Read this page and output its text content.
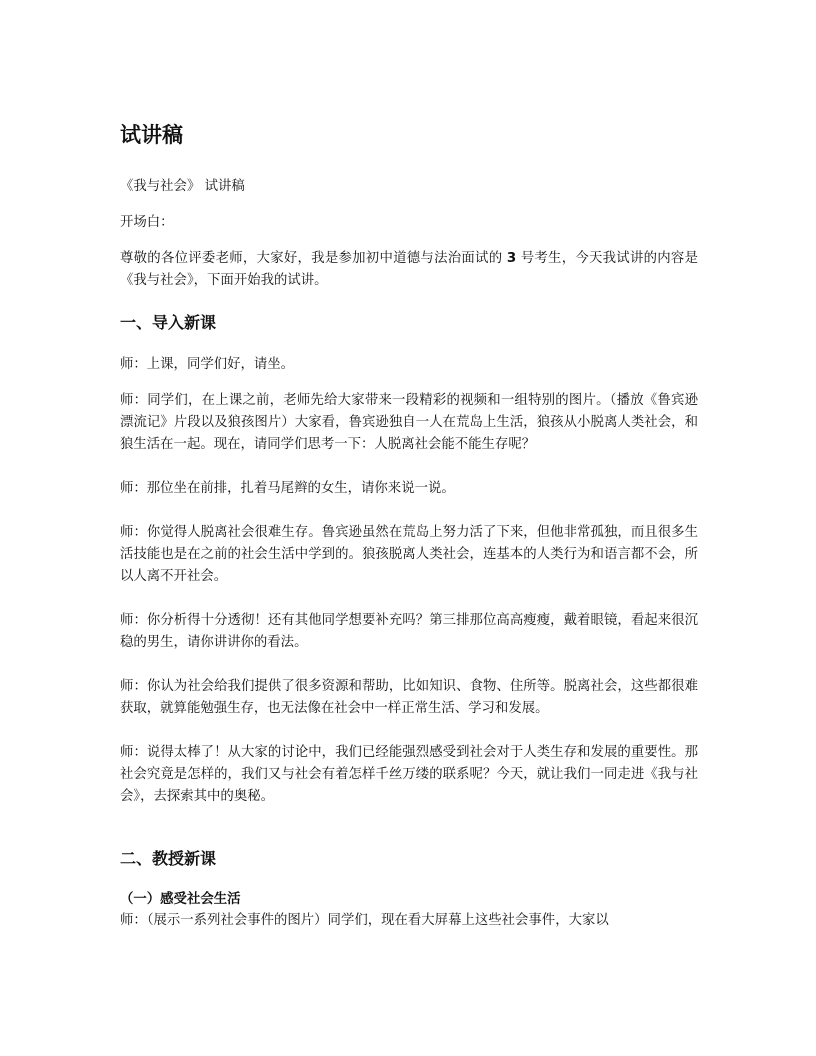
试讲稿

《我与社会》 试讲稿

开场白：

尊敬的各位评委老师，大家好，我是参加初中道德与法治面试的 3 号考生，今天我试讲的内容是《我与社会》，下面开始我的试讲。

一、导入新课

师：上课，同学们好，请坐。

师：同学们，在上课之前，老师先给大家带来一段精彩的视频和一组特别的图片。（播放《鲁宾逊漂流记》片段以及狼孩图片）大家看，鲁宾逊独自一人在荒岛上生活，狼孩从小脱离人类社会，和狼生活在一起。现在，请同学们思考一下：人脱离社会能不能生存呢？

师：那位坐在前排，扎着马尾辫的女生，请你来说一说。

师：你觉得人脱离社会很难生存。鲁宾逊虽然在荒岛上努力活了下来，但他非常孤独，而且很多生活技能也是在之前的社会生活中学到的。狼孩脱离人类社会，连基本的人类行为和语言都不会，所以人离不开社会。

师：你分析得十分透彻！还有其他同学想要补充吗？第三排那位高高瘦瘦，戴着眼镜，看起来很沉稳的男生，请你讲讲你的看法。

师：你认为社会给我们提供了很多资源和帮助，比如知识、食物、住所等。脱离社会，这些都很难获取，就算能勉强生存，也无法像在社会中一样正常生活、学习和发展。

师：说得太棒了！从大家的讨论中，我们已经能强烈感受到社会对于人类生存和发展的重要性。那社会究竟是怎样的，我们又与社会有着怎样千丝万缕的联系呢？今天，就让我们一同走进《我与社会》，去探索其中的奥秘。

二、教授新课
（一）感受社会生活

师：（展示一系列社会事件的图片）同学们，现在看大屏幕上这些社会事件，大家以
